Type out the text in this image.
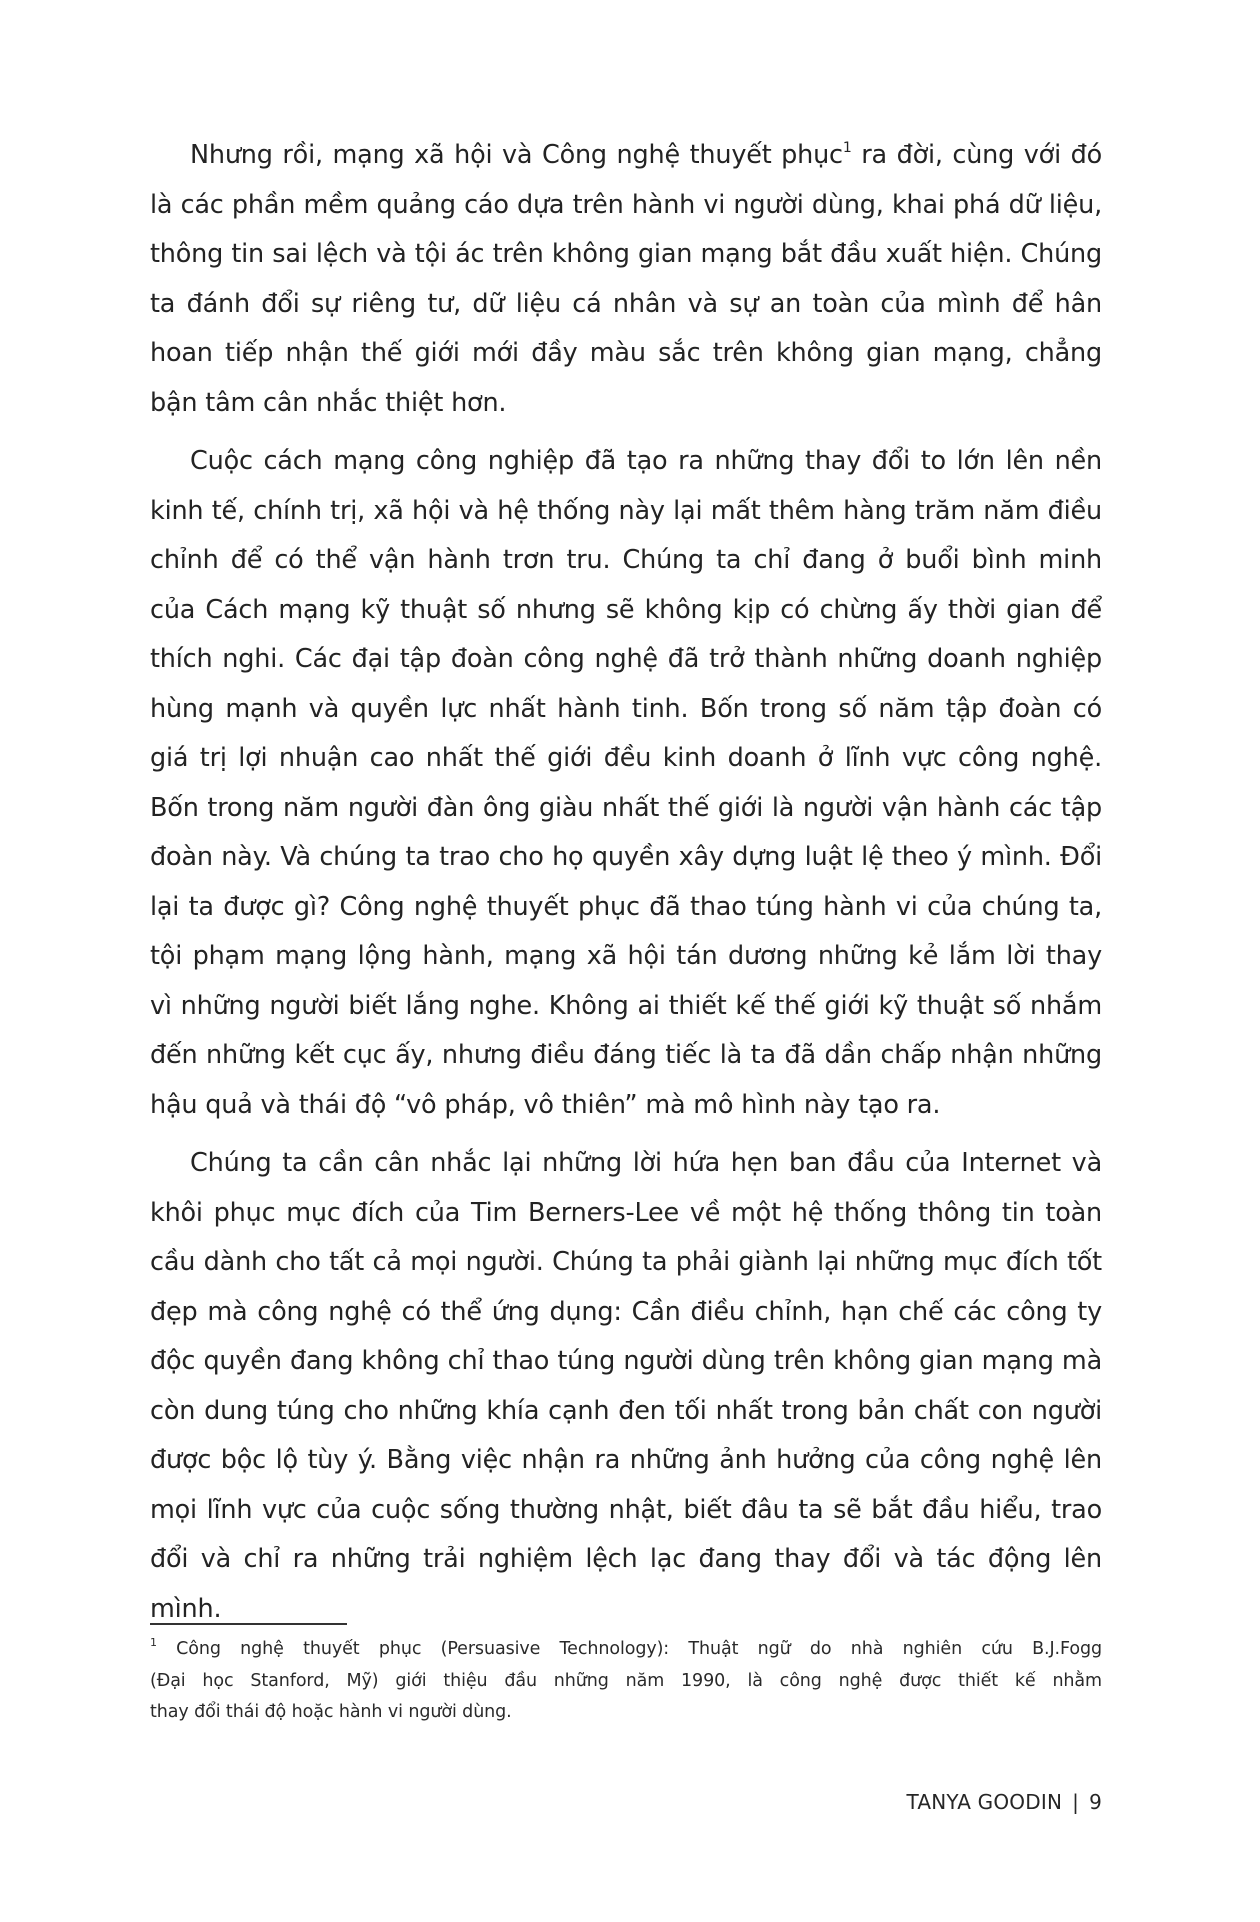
Nhưng rồi, mạng xã hội và Công nghệ thuyết phục$^1$ ra đời, cùng với đó
là các phần mềm quảng cáo dựa trên hành vi người dùng, khai phá dữ liệu,
thông tin sai lệch và tội ác trên không gian mạng bắt đầu xuất hiện. Chúng
ta đánh đổi sự riêng tư, dữ liệu cá nhân và sự an toàn của mình để hân
hoan tiếp nhận thế giới mới đầy màu sắc trên không gian mạng, chẳng
bận tâm cân nhắc thiệt hơn.
Cuộc cách mạng công nghiệp đã tạo ra những thay đổi to lớn lên nền
kinh tế, chính trị, xã hội và hệ thống này lại mất thêm hàng trăm năm điều
chỉnh để có thể vận hành trơn tru. Chúng ta chỉ đang ở buổi bình minh
của Cách mạng kỹ thuật số nhưng sẽ không kịp có chừng ấy thời gian để
thích nghi. Các đại tập đoàn công nghệ đã trở thành những doanh nghiệp
hùng mạnh và quyền lực nhất hành tinh. Bốn trong số năm tập đoàn có
giá trị lợi nhuận cao nhất thế giới đều kinh doanh ở lĩnh vực công nghệ.
Bốn trong năm người đàn ông giàu nhất thế giới là người vận hành các tập
đoàn này. Và chúng ta trao cho họ quyền xây dựng luật lệ theo ý mình. Đổi
lại ta được gì? Công nghệ thuyết phục đã thao túng hành vi của chúng ta,
tội phạm mạng lộng hành, mạng xã hội tán dương những kẻ lắm lời thay
vì những người biết lắng nghe. Không ai thiết kế thế giới kỹ thuật số nhắm
đến những kết cục ấy, nhưng điều đáng tiếc là ta đã dần chấp nhận những
hậu quả và thái độ “vô pháp, vô thiên” mà mô hình này tạo ra.
Chúng ta cần cân nhắc lại những lời hứa hẹn ban đầu của Internet và
khôi phục mục đích của Tim Berners-Lee về một hệ thống thông tin toàn
cầu dành cho tất cả mọi người. Chúng ta phải giành lại những mục đích tốt
đẹp mà công nghệ có thể ứng dụng: Cần điều chỉnh, hạn chế các công ty
độc quyền đang không chỉ thao túng người dùng trên không gian mạng mà
còn dung túng cho những khía cạnh đen tối nhất trong bản chất con người
được bộc lộ tùy ý. Bằng việc nhận ra những ảnh hưởng của công nghệ lên
mọi lĩnh vực của cuộc sống thường nhật, biết đâu ta sẽ bắt đầu hiểu, trao
đổi và chỉ ra những trải nghiệm lệch lạc đang thay đổi và tác động lên mình.
$^1$ Công nghệ thuyết phục (Persuasive Technology): Thuật ngữ do nhà nghiên cứu B.J.Fogg
(Đại học Stanford, Mỹ) giới thiệu đầu những năm 1990, là công nghệ được thiết kế nhằm
thay đổi thái độ hoặc hành vi người dùng.
TANYA GOODIN | 9
